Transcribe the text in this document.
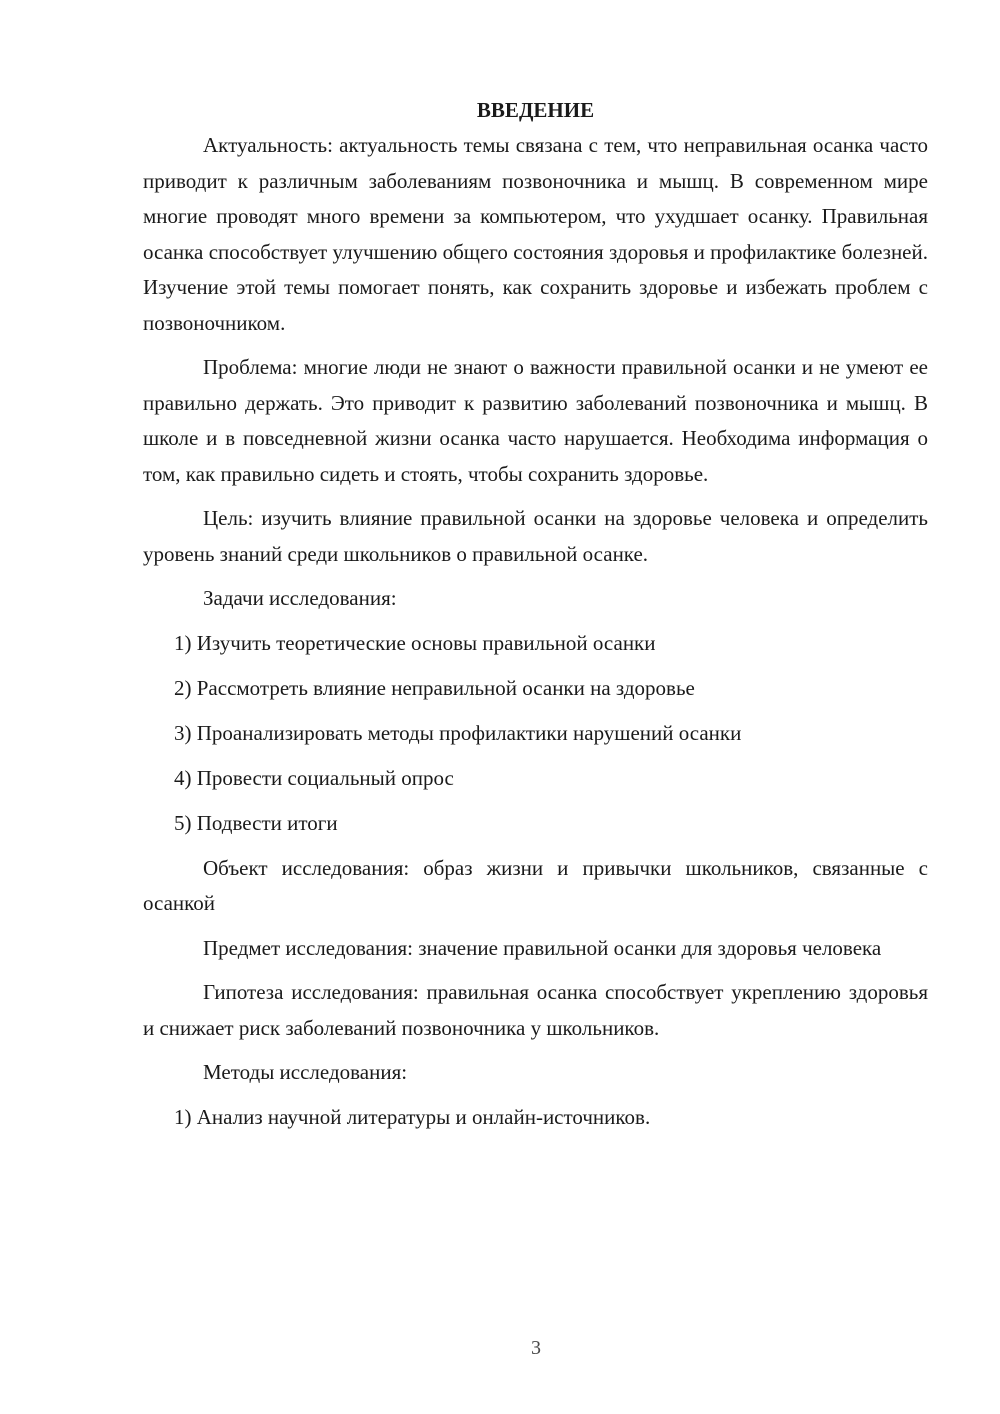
ВВЕДЕНИЕ

Актуальность: актуальность темы связана с тем, что неправильная осанка часто приводит к различным заболеваниям позвоночника и мышц. В современном мире многие проводят много времени за компьютером, что ухудшает осанку. Правильная осанка способствует улучшению общего состояния здоровья и профилактике болезней. Изучение этой темы помогает понять, как сохранить здоровье и избежать проблем с позвоночником.

Проблема: многие люди не знают о важности правильной осанки и не умеют ее правильно держать. Это приводит к развитию заболеваний позвоночника и мышц. В школе и в повседневной жизни осанка часто нарушается. Необходима информация о том, как правильно сидеть и стоять, чтобы сохранить здоровье.

Цель: изучить влияние правильной осанки на здоровье человека и определить уровень знаний среди школьников о правильной осанке.

Задачи исследования:

1) Изучить теоретические основы правильной осанки

2) Рассмотреть влияние неправильной осанки на здоровье

3) Проанализировать методы профилактики нарушений осанки

4) Провести социальный опрос

5) Подвести итоги

Объект исследования: образ жизни и привычки школьников, связанные с осанкой

Предмет исследования: значение правильной осанки для здоровья человека

Гипотеза исследования: правильная осанка способствует укреплению здоровья и снижает риск заболеваний позвоночника у школьников.

Методы исследования:

1) Анализ научной литературы и онлайн-источников.

3
